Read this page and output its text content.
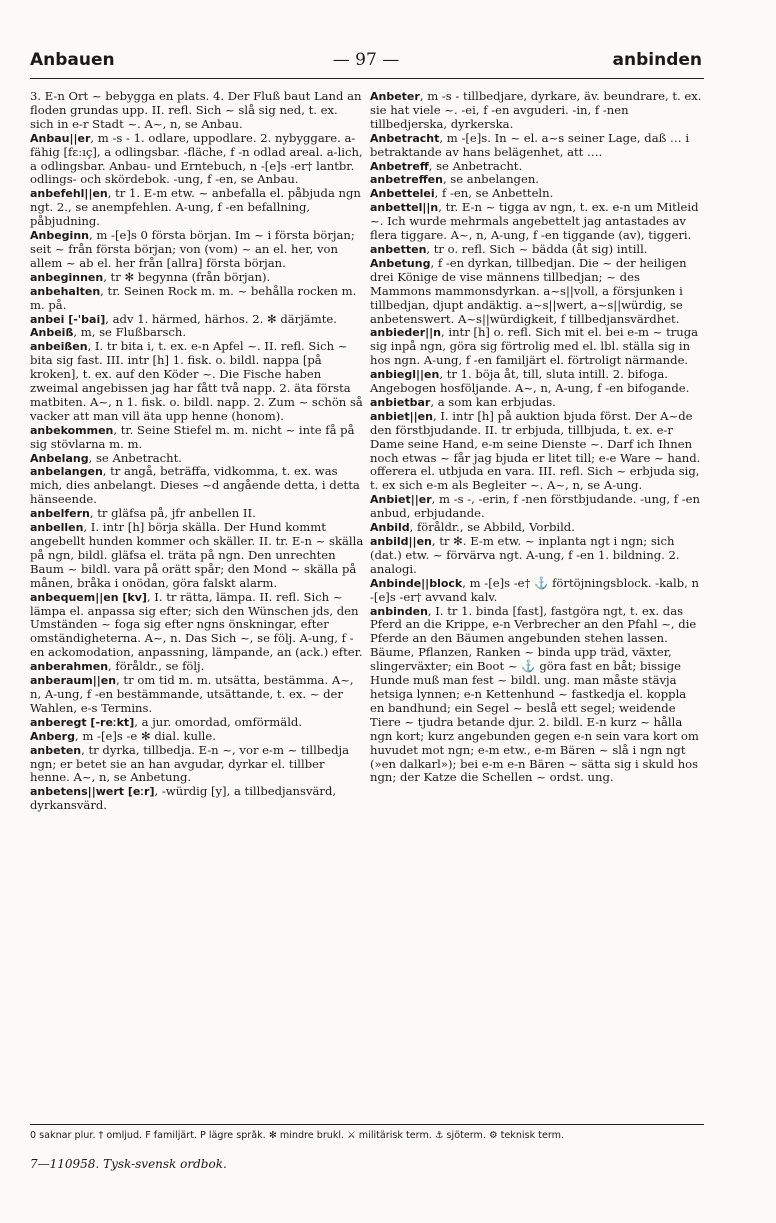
Anbauen	— 97 —	anbinden

3. E-n Ort ~ bebygga en plats. 4. Der Fluß baut Land an floden grundas upp. II. refl. Sich ~ slå sig ned, t. ex. sich in e-r Stadt ~. A~, n, se Anbau.

Anbau||er, m -s - 1. odlare, uppodlare. 2. nybyggare. a-fähig [fɛːıç], a odlingsbar. -fläche, f -n odlad areal. a-lich, a odlingsbar. Anbau- und Erntebuch, n -[e]s -er† lantbr. odlings- och skördebok. -ung, f -en, se Anbau.

anbefehl||en, tr 1. E-m etw. ~ anbefalla el. påbjuda ngn ngt. 2., se anempfehlen. A-ung, f -en befallning, påbjudning.

Anbeginn, m -[e]s 0 första början. Im ~ i första början; seit ~ från första början; von (vom) ~ an el. her, von allem ~ ab el. her från [allra] första början.

anbeginnen, tr ✻ begynna (från början).

anbehalten, tr. Seinen Rock m. m. ~ behålla rocken m. m. på.

anbei [-'bai], adv 1. härmed, härhos. 2. ✻ därjämte.

Anbeiß, m, se Flußbarsch.

anbeißen, I. tr bita i, t. ex. e-n Apfel ~. II. refl. Sich ~ bita sig fast. III. intr [h] 1. fisk. o. bildl. nappa [på kroken], t. ex. auf den Köder ~. Die Fische haben zweimal angebissen jag har fått två napp. 2. äta första matbiten. A~, n 1. fisk. o. bildl. napp. 2. Zum ~ schön så vacker att man vill äta upp henne (honom).

anbekommen, tr. Seine Stiefel m. m. nicht ~ inte få på sig stövlarna m. m.

Anbelang, se Anbetracht.

anbelangen, tr angå, beträffa, vidkomma, t. ex. was mich, dies anbelangt. Dieses ~d angående detta, i detta hänseende.

anbelfern, tr gläfsa på, jfr anbellen II.

anbellen, I. intr [h] börja skälla. Der Hund kommt angebellt hunden kommer och skäller. II. tr. E-n ~ skälla på ngn, bildl. gläfsa el. träta på ngn. Den unrechten Baum ~ bildl. vara på orätt spår; den Mond ~ skälla på månen, bråka i onödan, göra falskt alarm.

anbequem||en [kv], I. tr rätta, lämpa. II. refl. Sich ~ lämpa el. anpassa sig efter; sich den Wünschen jds, den Umständen ~ foga sig efter ngns önskningar, efter omständigheterna. A~, n. Das Sich ~, se följ. A-ung, f -en ackomodation, anpassning, lämpande, an (ack.) efter.

anberahmen, föråldr., se följ.

anberaum||en, tr om tid m. m. utsätta, bestämma. A~, n, A-ung, f -en bestämmande, utsättande, t. ex. ~ der Wahlen, e-s Termins.

anberegt [-reːkt], a jur. omordad, omförmäld.

Anberg, m -[e]s -e ✻ dial. kulle.

anbeten, tr dyrka, tillbedja. E-n ~, vor e-m ~ tillbedja ngn; er betet sie an han avgudar, dyrkar el. tillber henne. A~, n, se Anbetung.

anbetens||wert [eːr], -würdig [y], a tillbedjansvärd, dyrkansvärd.

Anbeter, m -s - tillbedjare, dyrkare, äv. beundrare, t. ex. sie hat viele ~. -ei, f -en avguderi. -in, f -nen tillbedjerska, dyrkerska.

Anbetracht, m -[e]s. In ~ el. a~s seiner Lage, daß … i betraktande av hans belägenhet, att ….

Anbetreff, se Anbetracht.

anbetreffen, se anbelangen.

Anbettelei, f -en, se Anbetteln.

anbettel||n, tr. E-n ~ tigga av ngn, t. ex. e-n um Mitleid ~. Ich wurde mehrmals angebettelt jag antastades av flera tiggare. A~, n, A-ung, f -en tiggande (av), tiggeri.

anbetten, tr o. refl. Sich ~ bädda (åt sig) intill.

Anbetung, f -en dyrkan, tillbedjan. Die ~ der heiligen drei Könige de vise männens tillbedjan; ~ des Mammons mammonsdyrkan. a~s||voll, a försjunken i tillbedjan, djupt andäktig. a~s||wert, a~s||würdig, se anbetenswert. A~s||würdigkeit, f tillbedjansvärdhet.

anbieder||n, intr [h] o. refl. Sich mit el. bei e-m ~ truga sig inpå ngn, göra sig förtrolig med el. lbl. ställa sig in hos ngn. A-ung, f -en familjärt el. förtroligt närmande.

anbiegl||en, tr 1. böja åt, till, sluta intill. 2. bifoga. Angebogen hosföljande. A~, n, A-ung, f -en bifogande.

anbietbar, a som kan erbjudas.

anbiet||en, I. intr [h] på auktion bjuda först. Der A~de den förstbjudande. II. tr erbjuda, tillbjuda, t. ex. e-r Dame seine Hand, e-m seine Dienste ~. Darf ich Ihnen noch etwas ~ får jag bjuda er litet till; e-e Ware ~ hand. offerera el. utbjuda en vara. III. refl. Sich ~ erbjuda sig, t. ex sich e-m als Begleiter ~. A~, n, se A-ung.

Anbiet||er, m -s -, -erin, f -nen förstbjudande. -ung, f -en anbud, erbjudande.

Anbild, föråldr., se Abbild, Vorbild.

anbild||en, tr ✻. E-m etw. ~ inplanta ngt i ngn; sich (dat.) etw. ~ förvärva ngt. A-ung, f -en 1. bildning. 2. analogi.

Anbinde||block, m -[e]s -e† ⚓ förtöjningsblock. -kalb, n -[e]s -er† avvand kalv.

anbinden, I. tr 1. binda [fast], fastgöra ngt, t. ex. das Pferd an die Krippe, e-n Verbrecher an den Pfahl ~, die Pferde an den Bäumen angebunden stehen lassen. Bäume, Pflanzen, Ranken ~ binda upp träd, växter, slingerväxter; ein Boot ~ ⚓ göra fast en båt; bissige Hunde muß man fest ~ bildl. ung. man måste stävja hetsiga lynnen; e-n Kettenhund ~ fastkedja el. koppla en bandhund; ein Segel ~ beslå ett segel; weidende Tiere ~ tjudra betande djur. 2. bildl. E-n kurz ~ hålla ngn kort; kurz angebunden gegen e-n sein vara kort om huvudet mot ngn; e-m etw., e-m Bären ~ slå i ngn ngt (»en dalkarl»); bei e-m e-n Bären ~ sätta sig i skuld hos ngn; der Katze die Schellen ~ ordst. ung.

0 saknar plur. † omljud. F familjärt. P lägre språk. ✻ mindre brukl. ⚔ militärisk term. ⚓ sjöterm. ⚙ teknisk term.
7—110958. Tysk-svensk ordbok.
